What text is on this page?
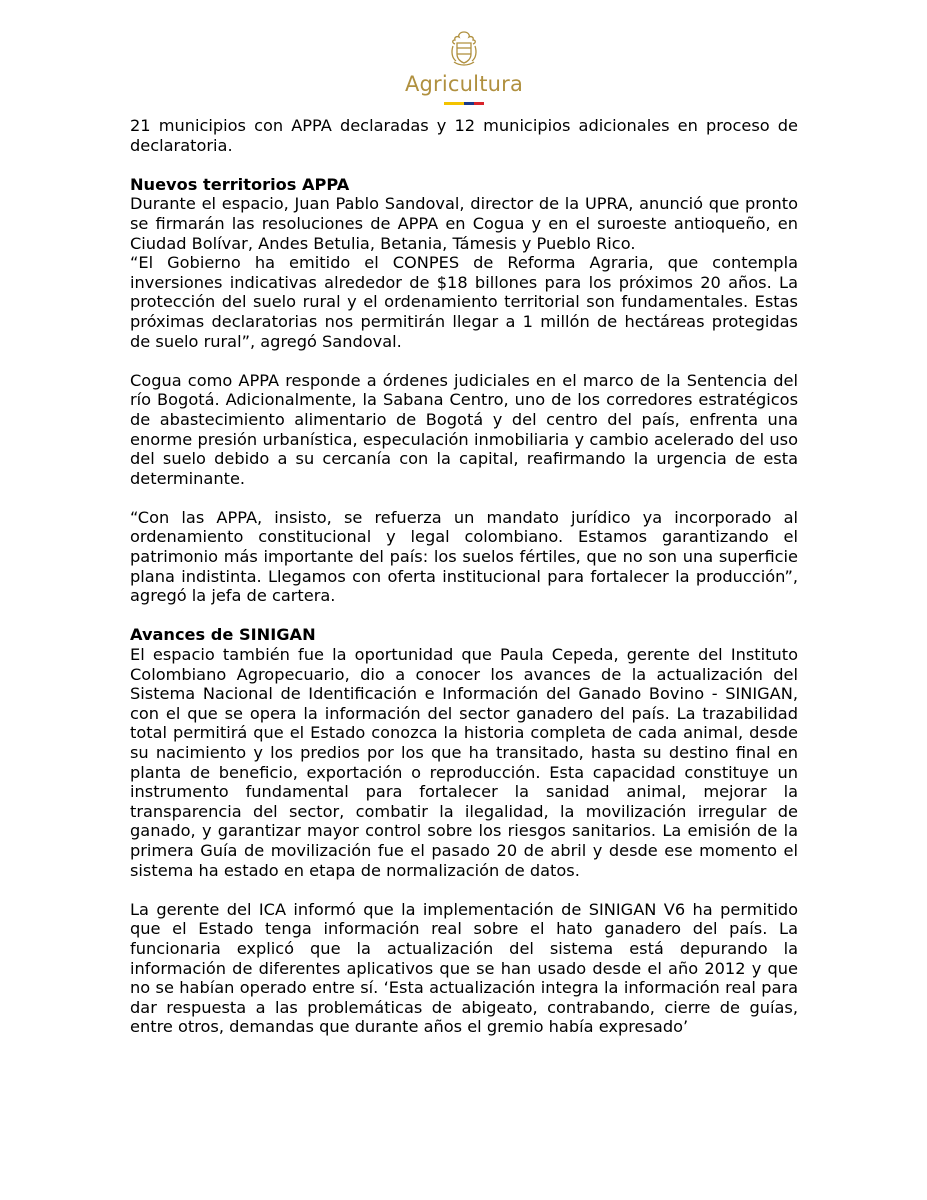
Agricultura

21 municipios con APPA declaradas y 12 municipios adicionales en proceso de declaratoria.

Nuevos territorios APPA

Durante el espacio, Juan Pablo Sandoval, director de la UPRA, anunció que pronto se firmarán las resoluciones de APPA en Cogua y en el suroeste antioqueño, en Ciudad Bolívar, Andes Betulia, Betania, Támesis y Pueblo Rico.

“El Gobierno ha emitido el CONPES de Reforma Agraria, que contempla inversiones indicativas alrededor de $18 billones para los próximos 20 años. La protección del suelo rural y el ordenamiento territorial son fundamentales. Estas próximas declaratorias nos permitirán llegar a 1 millón de hectáreas protegidas de suelo rural”, agregó Sandoval.

Cogua como APPA responde a órdenes judiciales en el marco de la Sentencia del río Bogotá. Adicionalmente, la Sabana Centro, uno de los corredores estratégicos de abastecimiento alimentario de Bogotá y del centro del país, enfrenta una enorme presión urbanística, especulación inmobiliaria y cambio acelerado del uso del suelo debido a su cercanía con la capital, reafirmando la urgencia de esta determinante.

“Con las APPA, insisto, se refuerza un mandato jurídico ya incorporado al ordenamiento constitucional y legal colombiano. Estamos garantizando el patrimonio más importante del país: los suelos fértiles, que no son una superficie plana indistinta. Llegamos con oferta institucional para fortalecer la producción”, agregó la jefa de cartera.

Avances de SINIGAN

El espacio también fue la oportunidad que Paula Cepeda, gerente del Instituto Colombiano Agropecuario, dio a conocer los avances de la actualización del Sistema Nacional de Identificación e Información del Ganado Bovino - SINIGAN, con el que se opera la información del sector ganadero del país. La trazabilidad total permitirá que el Estado conozca la historia completa de cada animal, desde su nacimiento y los predios por los que ha transitado, hasta su destino final en planta de beneficio, exportación o reproducción. Esta capacidad constituye un instrumento fundamental para fortalecer la sanidad animal, mejorar la transparencia del sector, combatir la ilegalidad, la movilización irregular de ganado, y garantizar mayor control sobre los riesgos sanitarios. La emisión de la primera Guía de movilización fue el pasado 20 de abril y desde ese momento el sistema ha estado en etapa de normalización de datos.

La gerente del ICA informó que la implementación de SINIGAN V6 ha permitido que el Estado tenga información real sobre el hato ganadero del país. La funcionaria explicó que la actualización del sistema está depurando la información de diferentes aplicativos que se han usado desde el año 2012 y que no se habían operado entre sí. ‘Esta actualización integra la información real para dar respuesta a las problemáticas de abigeato, contrabando, cierre de guías, entre otros, demandas que durante años el gremio había expresado’
